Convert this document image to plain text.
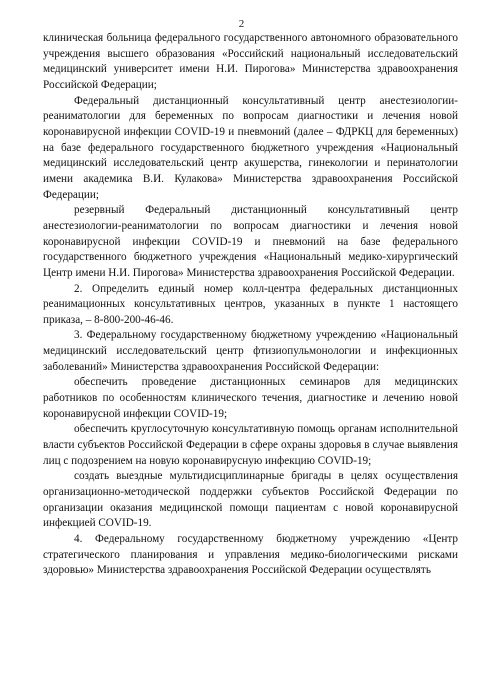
2

клиническая больница федерального государственного автономного образовательного учреждения высшего образования «Российский национальный исследовательский медицинский университет имени Н.И. Пирогова» Министерства здравоохранения Российской Федерации;

Федеральный дистанционный консультативный центр анестезиологии-реаниматологии для беременных по вопросам диагностики и лечения новой коронавирусной инфекции COVID-19 и пневмоний (далее – ФДРКЦ для беременных) на базе федерального государственного бюджетного учреждения «Национальный медицинский исследовательский центр акушерства, гинекологии и перинатологии имени академика В.И. Кулакова» Министерства здравоохранения Российской Федерации;

резервный Федеральный дистанционный консультативный центр анестезиологии-реаниматологии по вопросам диагностики и лечения новой коронавирусной инфекции COVID-19 и пневмоний на базе федерального государственного бюджетного учреждения «Национальный медико-хирургический Центр имени Н.И. Пирогова» Министерства здравоохранения Российской Федерации.

2. Определить единый номер колл-центра федеральных дистанционных реанимационных консультативных центров, указанных в пункте 1 настоящего приказа, – 8-800-200-46-46.

3. Федеральному государственному бюджетному учреждению «Национальный медицинский исследовательский центр фтизиопульмонологии и инфекционных заболеваний» Министерства здравоохранения Российской Федерации:

обеспечить проведение дистанционных семинаров для медицинских работников по особенностям клинического течения, диагностике и лечению новой коронавирусной инфекции COVID-19;

обеспечить круглосуточную консультативную помощь органам исполнительной власти субъектов Российской Федерации в сфере охраны здоровья в случае выявления лиц с подозрением на новую коронавирусную инфекцию COVID-19;

создать выездные мультидисциплинарные бригады в целях осуществления организационно-методической поддержки субъектов Российской Федерации по организации оказания медицинской помощи пациентам с новой коронавирусной инфекцией COVID-19.

4. Федеральному государственному бюджетному учреждению «Центр стратегического планирования и управления медико-биологическими рисками здоровью» Министерства здравоохранения Российской Федерации осуществлять
